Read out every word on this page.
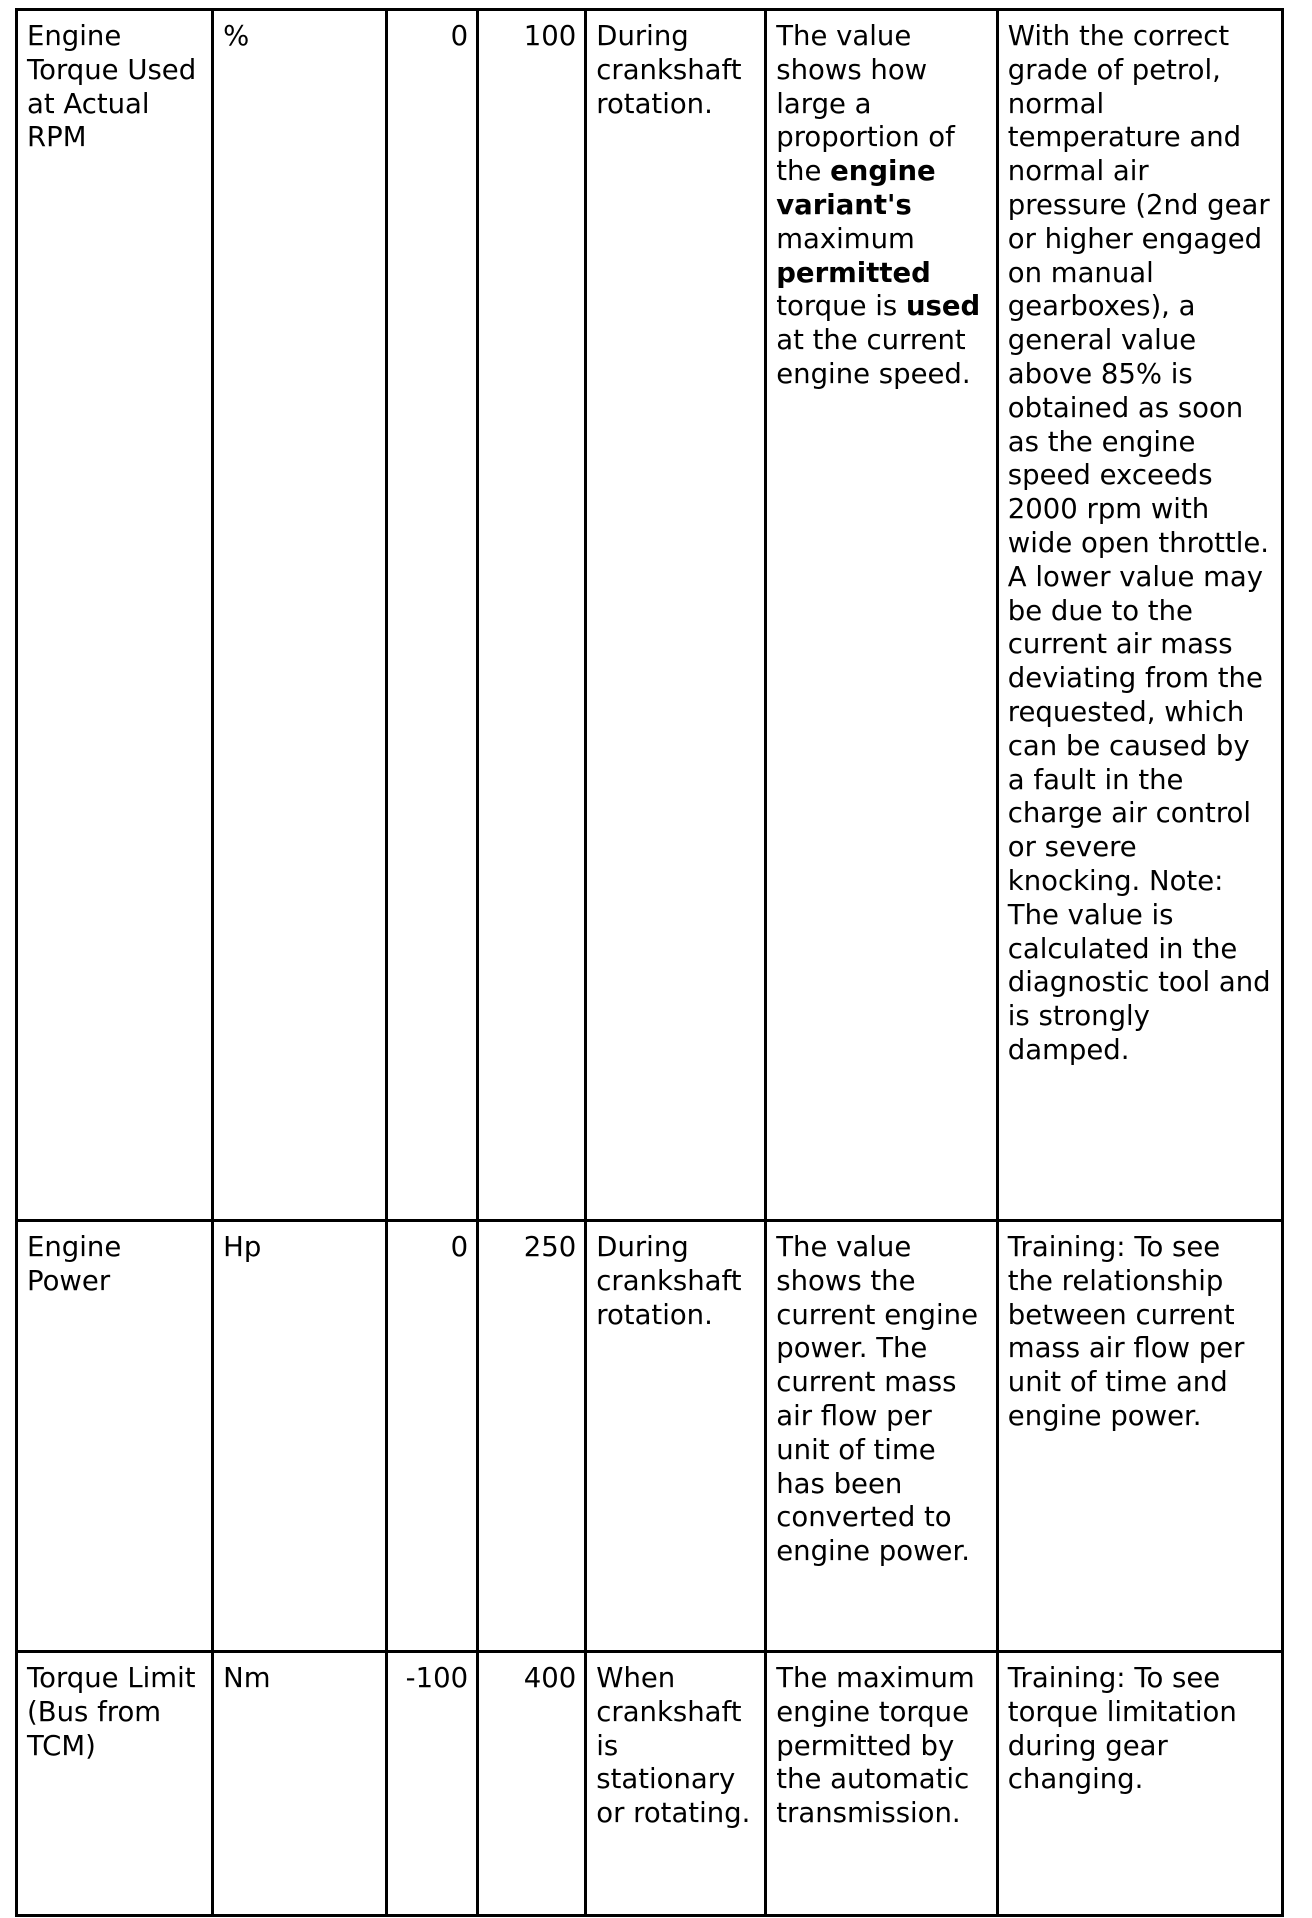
Engine Torque Used at Actual RPM	%	0	100	During crankshaft rotation.	The value shows how large a proportion of the engine variant's maximum permitted torque is used at the current engine speed.	With the correct grade of petrol, normal temperature and normal air pressure (2nd gear or higher engaged on manual gearboxes), a general value above 85% is obtained as soon as the engine speed exceeds 2000 rpm with wide open throttle. A lower value may be due to the current air mass deviating from the requested, which can be caused by a fault in the charge air control or severe knocking. Note: The value is calculated in the diagnostic tool and is strongly damped.
Engine Power	Hp	0	250	During crankshaft rotation.	The value shows the current engine power. The current mass air flow per unit of time has been converted to engine power.	Training: To see the relationship between current mass air flow per unit of time and engine power.
Torque Limit (Bus from TCM)	Nm	-100	400	When crankshaft is stationary or rotating.	The maximum engine torque permitted by the automatic transmission.	Training: To see torque limitation during gear changing.
